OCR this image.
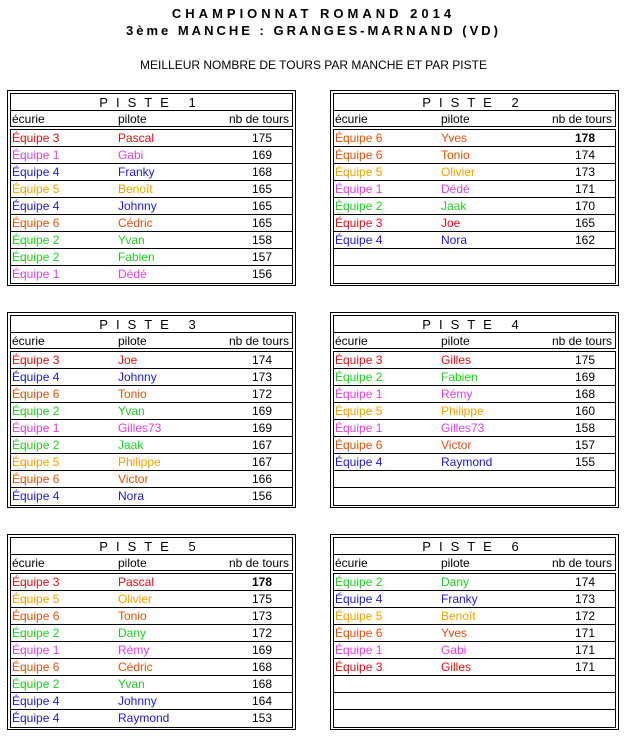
CHAMPIONNAT ROMAND 2014
3ème MANCHE : GRANGES-MARNAND (VD)
MEILLEUR NOMBRE DE TOURS PAR MANCHE ET PAR PISTE
PISTE 1
écurie	pilote	nb de tours
Équipe 3	Pascal	175
Équipe 1	Gabi	169
Équipe 4	Franky	168
Équipe 5	Benoît	165
Équipe 4	Johnny	165
Équipe 6	Cédric	165
Équipe 2	Yvan	158
Équipe 2	Fabien	157
Équipe 1	Dédé	156
PISTE 2
écurie	pilote	nb de tours
Équipe 6	Yves	178
Équipe 6	Tonio	174
Équipe 5	Olivier	173
Équipe 1	Dédé	171
Équipe 2	Jaak	170
Équipe 3	Joe	165
Équipe 4	Nora	162
PISTE 3
écurie	pilote	nb de tours
Équipe 3	Joe	174
Équipe 4	Johnny	173
Équipe 6	Tonio	172
Équipe 2	Yvan	169
Équipe 1	Gilles73	169
Équipe 2	Jaak	167
Équipe 5	Philippe	167
Équipe 6	Victor	166
Équipe 4	Nora	156
PISTE 4
écurie	pilote	nb de tours
Équipe 3	Gilles	175
Équipe 2	Fabien	169
Équipe 1	Rémy	168
Équipe 5	Philippe	160
Équipe 1	Gilles73	158
Équipe 6	Victor	157
Équipe 4	Raymond	155
PISTE 5
écurie	pilote	nb de tours
Équipe 3	Pascal	178
Équipe 5	Olivier	175
Équipe 6	Tonio	173
Équipe 2	Dany	172
Équipe 1	Rémy	169
Équipe 6	Cédric	168
Équipe 2	Yvan	168
Équipe 4	Johnny	164
Équipe 4	Raymond	153
PISTE 6
écurie	pilote	nb de tours
Équipe 2	Dany	174
Équipe 4	Franky	173
Équipe 5	Benoît	172
Équipe 6	Yves	171
Équipe 1	Gabi	171
Équipe 3	Gilles	171
